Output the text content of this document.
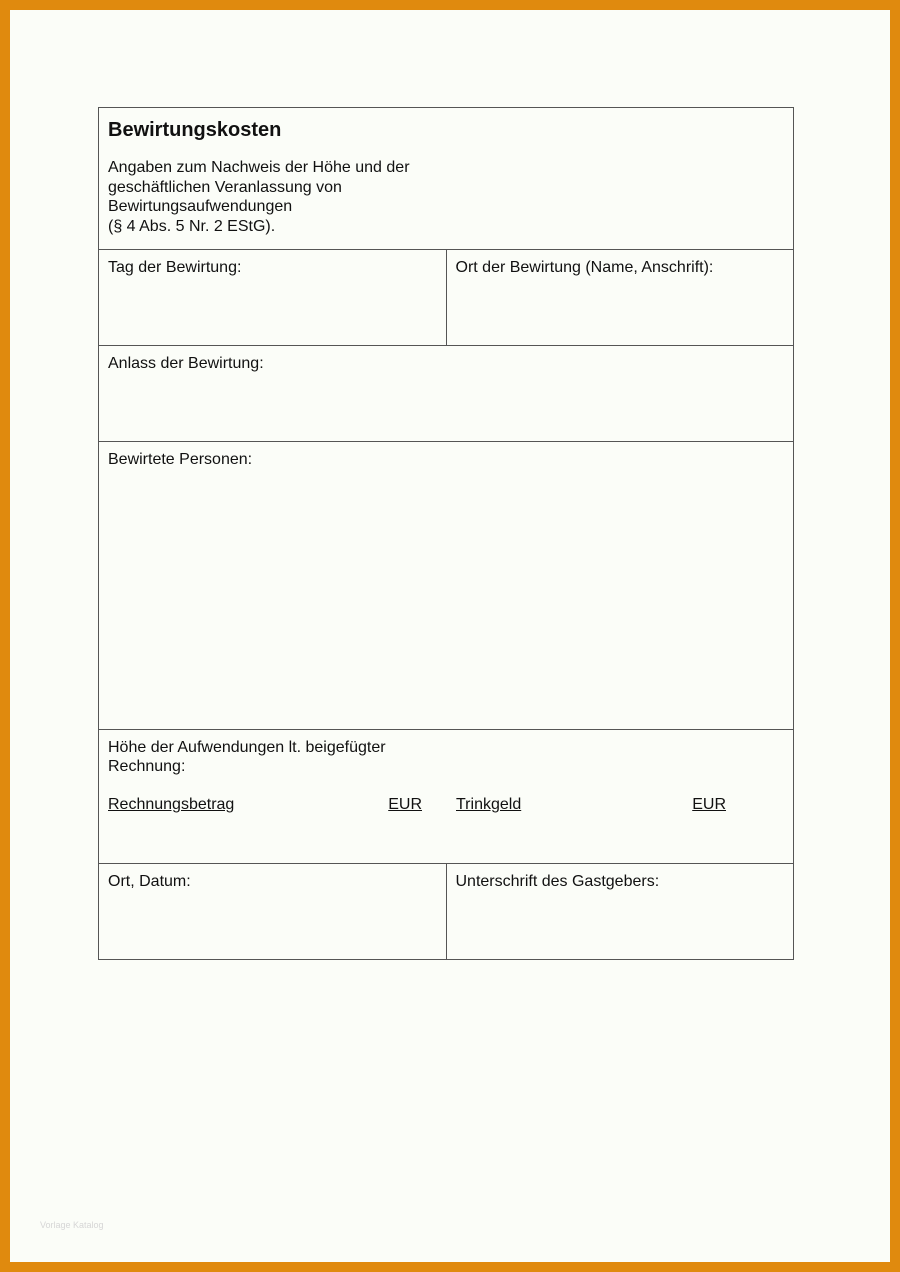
Bewirtungskosten
Angaben zum Nachweis der Höhe und der
geschäftlichen Veranlassung von
Bewirtungsaufwendungen
(§ 4 Abs. 5 Nr. 2 EStG).
Tag der Bewirtung:	Ort der Bewirtung (Name, Anschrift):
Anlass der Bewirtung:
Bewirtete Personen:
Höhe der Aufwendungen lt. beigefügter
Rechnung:
Rechnungsbetrag	EUR Trinkgeld	EUR
Ort, Datum:	Unterschrift des Gastgebers:
Vorlage Katalog
